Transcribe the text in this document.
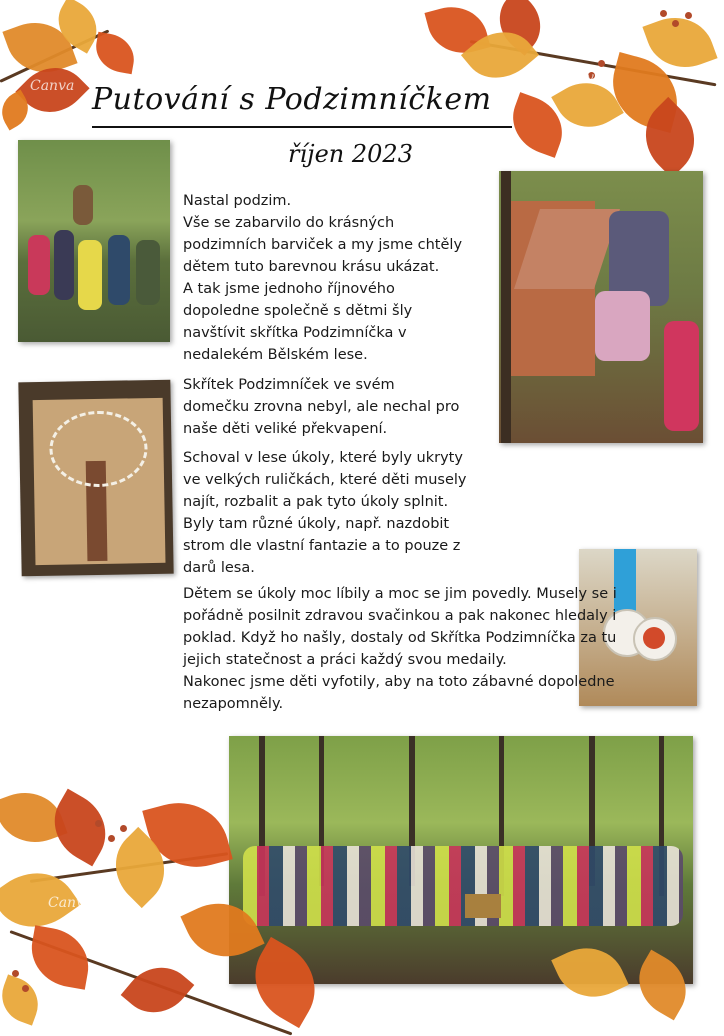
Canva	Canva
Putování s Podzimníčkem
říjen 2023

Nastal podzim.
Vše se zabarvilo do krásných
podzimních barviček a my jsme chtěly
dětem tuto barevnou krásu ukázat.
A tak jsme jednoho říjnového
dopoledne společně s dětmi šly
navštívit skřítka Podzimníčka v
nedalekém Bělském lese.

Skřítek Podzimníček ve svém
domečku zrovna nebyl, ale nechal pro
naše děti veliké překvapení.

Schoval v lese úkoly, které byly ukryty
ve velkých ruličkách, které děti musely
najít, rozbalit a pak tyto úkoly splnit.
Byly tam různé úkoly, např. nazdobit
strom dle vlastní fantazie a to pouze z
darů lesa.

Dětem se úkoly moc líbily a moc se jim povedly. Musely se i
pořádně posilnit zdravou svačinkou a pak nakonec hledaly i
poklad. Když ho našly, dostaly od Skřítka Podzimníčka za tu
jejich statečnost a práci každý svou medaily.
Nakonec jsme děti vyfotily, aby na toto zábavné dopoledne
nezapomněly.

Canva
